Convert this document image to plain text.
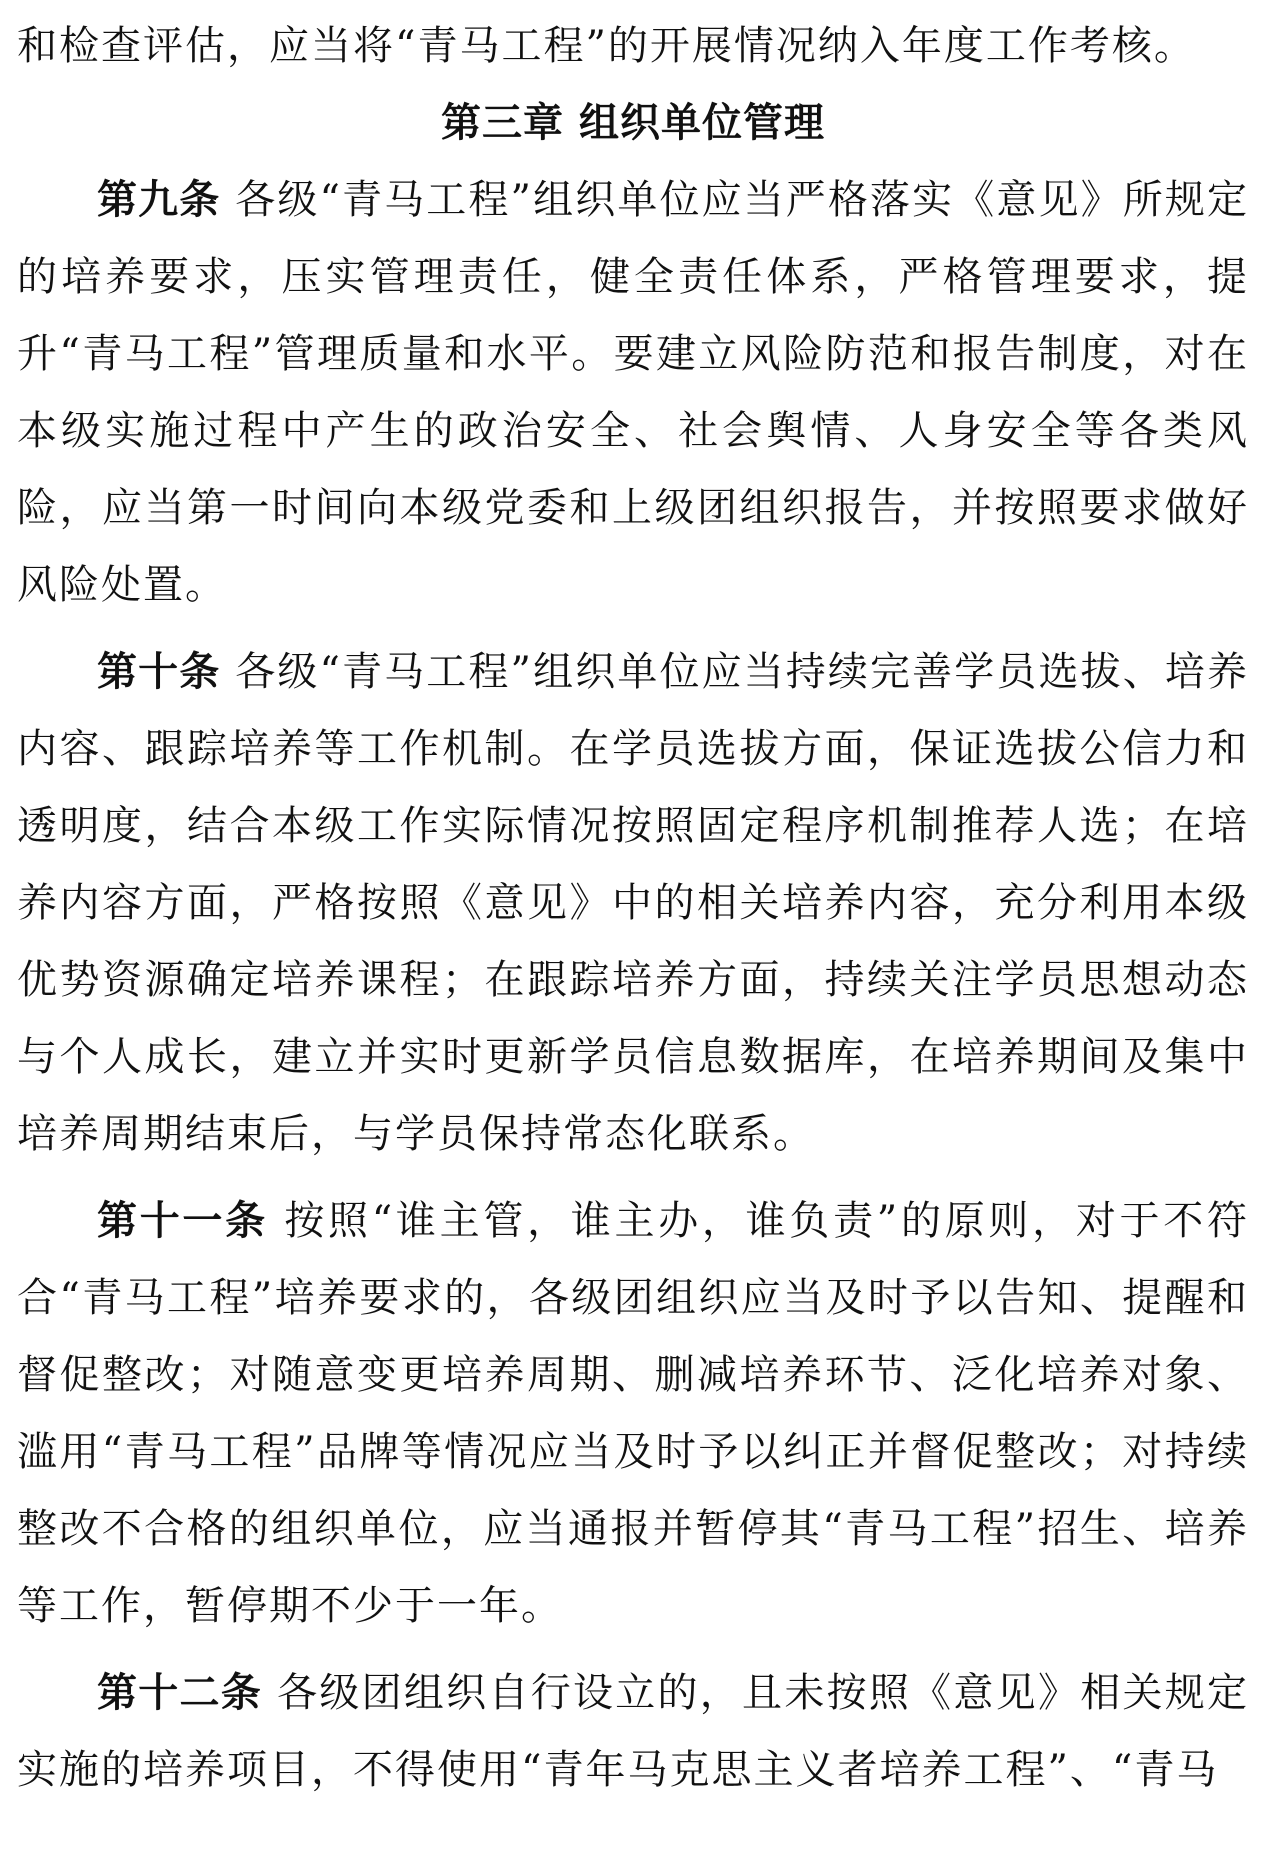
和检查评估，应当将“青马工程”的开展情况纳入年度工作考核。

第三章 组织单位管理

第九条 各级“青马工程”组织单位应当严格落实《意见》所规定的培养要求，压实管理责任，健全责任体系，严格管理要求，提升“青马工程”管理质量和水平。要建立风险防范和报告制度，对在本级实施过程中产生的政治安全、社会舆情、人身安全等各类风险，应当第一时间向本级党委和上级团组织报告，并按照要求做好风险处置。

第十条 各级“青马工程”组织单位应当持续完善学员选拔、培养内容、跟踪培养等工作机制。在学员选拔方面，保证选拔公信力和透明度，结合本级工作实际情况按照固定程序机制推荐人选；在培养内容方面，严格按照《意见》中的相关培养内容，充分利用本级优势资源确定培养课程；在跟踪培养方面，持续关注学员思想动态与个人成长，建立并实时更新学员信息数据库，在培养期间及集中培养周期结束后，与学员保持常态化联系。

第十一条 按照“谁主管，谁主办，谁负责”的原则，对于不符合“青马工程”培养要求的，各级团组织应当及时予以告知、提醒和督促整改；对随意变更培养周期、删减培养环节、泛化培养对象、滥用“青马工程”品牌等情况应当及时予以纠正并督促整改；对持续整改不合格的组织单位，应当通报并暂停其“青马工程”招生、培养等工作，暂停期不少于一年。

第十二条 各级团组织自行设立的，且未按照《意见》相关规定实施的培养项目，不得使用“青年马克思主义者培养工程”、“青马
